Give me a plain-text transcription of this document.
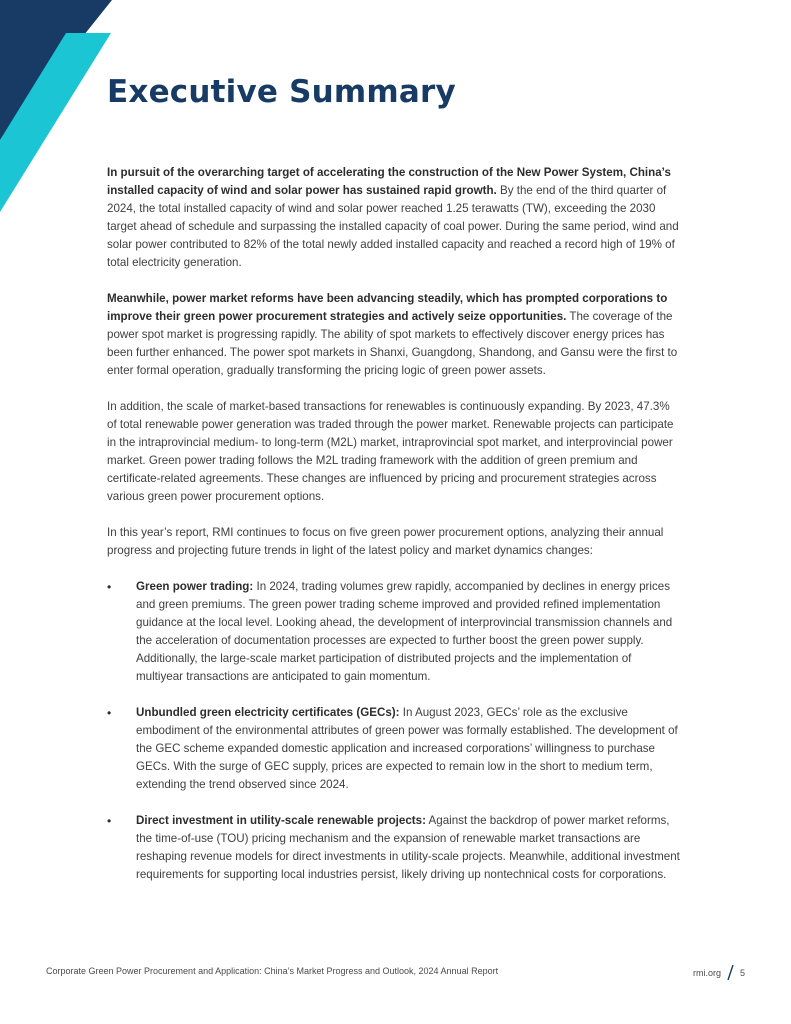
Executive Summary

In pursuit of the overarching target of accelerating the construction of the New Power System, China’s installed capacity of wind and solar power has sustained rapid growth. By the end of the third quarter of 2024, the total installed capacity of wind and solar power reached 1.25 terawatts (TW), exceeding the 2030 target ahead of schedule and surpassing the installed capacity of coal power. During the same period, wind and solar power contributed to 82% of the total newly added installed capacity and reached a record high of 19% of total electricity generation.

Meanwhile, power market reforms have been advancing steadily, which has prompted corporations to improve their green power procurement strategies and actively seize opportunities. The coverage of the power spot market is progressing rapidly. The ability of spot markets to effectively discover energy prices has been further enhanced. The power spot markets in Shanxi, Guangdong, Shandong, and Gansu were the first to enter formal operation, gradually transforming the pricing logic of green power assets.

In addition, the scale of market-based transactions for renewables is continuously expanding. By 2023, 47.3% of total renewable power generation was traded through the power market. Renewable projects can participate in the intraprovincial medium- to long-term (M2L) market, intraprovincial spot market, and interprovincial power market. Green power trading follows the M2L trading framework with the addition of green premium and certificate-related agreements. These changes are influenced by pricing and procurement strategies across various green power procurement options.

In this year’s report, RMI continues to focus on five green power procurement options, analyzing their annual progress and projecting future trends in light of the latest policy and market dynamics changes:

• Green power trading: In 2024, trading volumes grew rapidly, accompanied by declines in energy prices and green premiums. The green power trading scheme improved and provided refined implementation guidance at the local level. Looking ahead, the development of interprovincial transmission channels and the acceleration of documentation processes are expected to further boost the green power supply. Additionally, the large-scale market participation of distributed projects and the implementation of multiyear transactions are anticipated to gain momentum.
• Unbundled green electricity certificates (GECs): In August 2023, GECs’ role as the exclusive embodiment of the environmental attributes of green power was formally established. The development of the GEC scheme expanded domestic application and increased corporations’ willingness to purchase GECs. With the surge of GEC supply, prices are expected to remain low in the short to medium term, extending the trend observed since 2024.
• Direct investment in utility-scale renewable projects: Against the backdrop of power market reforms, the time-of-use (TOU) pricing mechanism and the expansion of renewable market transactions are reshaping revenue models for direct investments in utility-scale projects. Meanwhile, additional investment requirements for supporting local industries persist, likely driving up nontechnical costs for corporations.
Corporate Green Power Procurement and Application: China’s Market Progress and Outlook, 2024 Annual Report	rmi.org 5
